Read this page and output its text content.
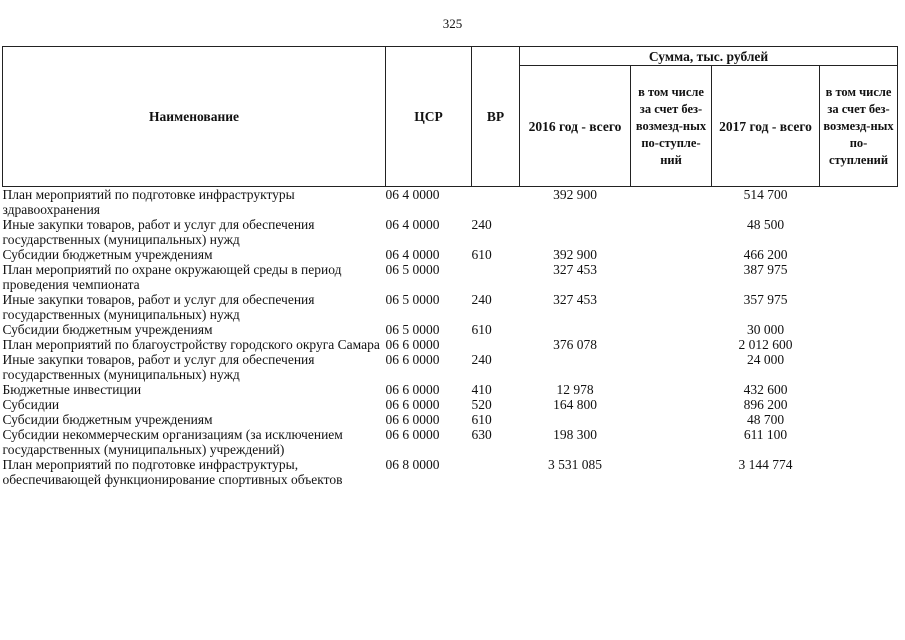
325
Наименование	ЦСР	ВР	Сумма, тыс. рублей			
			2016 год - всего	в том числе за счет без-возмезд-ных по-ступле-ний	2017 год - всего	в том числе за счет без-возмезд-ных по-ступлений
План мероприятий по подготовке инфраструктуры здравоохранения	06 4 0000		392 900		514 700	
Иные закупки товаров, работ и услуг для обеспечения государственных (муниципальных) нужд	06 4 0000	240			48 500	
Субсидии бюджетным учреждениям	06 4 0000	610	392 900		466 200	
План мероприятий по охране окружающей среды в период проведения чемпионата	06 5 0000		327 453		387 975	
Иные закупки товаров, работ и услуг для обеспечения государственных (муниципальных) нужд	06 5 0000	240	327 453		357 975	
Субсидии бюджетным учреждениям	06 5 0000	610			30 000	
План мероприятий по благоустройству городского округа Самара	06 6 0000		376 078		2 012 600	
Иные закупки товаров, работ и услуг для обеспечения государственных (муниципальных) нужд	06 6 0000	240			24 000	
Бюджетные инвестиции	06 6 0000	410	12 978		432 600	
Субсидии	06 6 0000	520	164 800		896 200	
Субсидии бюджетным учреждениям	06 6 0000	610			48 700	
Субсидии некоммерческим организациям (за исключением государственных (муниципальных) учреждений)	06 6 0000	630	198 300		611 100	
План мероприятий по подготовке инфраструктуры, обеспечивающей функционирование спортивных объектов	06 8 0000		3 531 085		3 144 774	
